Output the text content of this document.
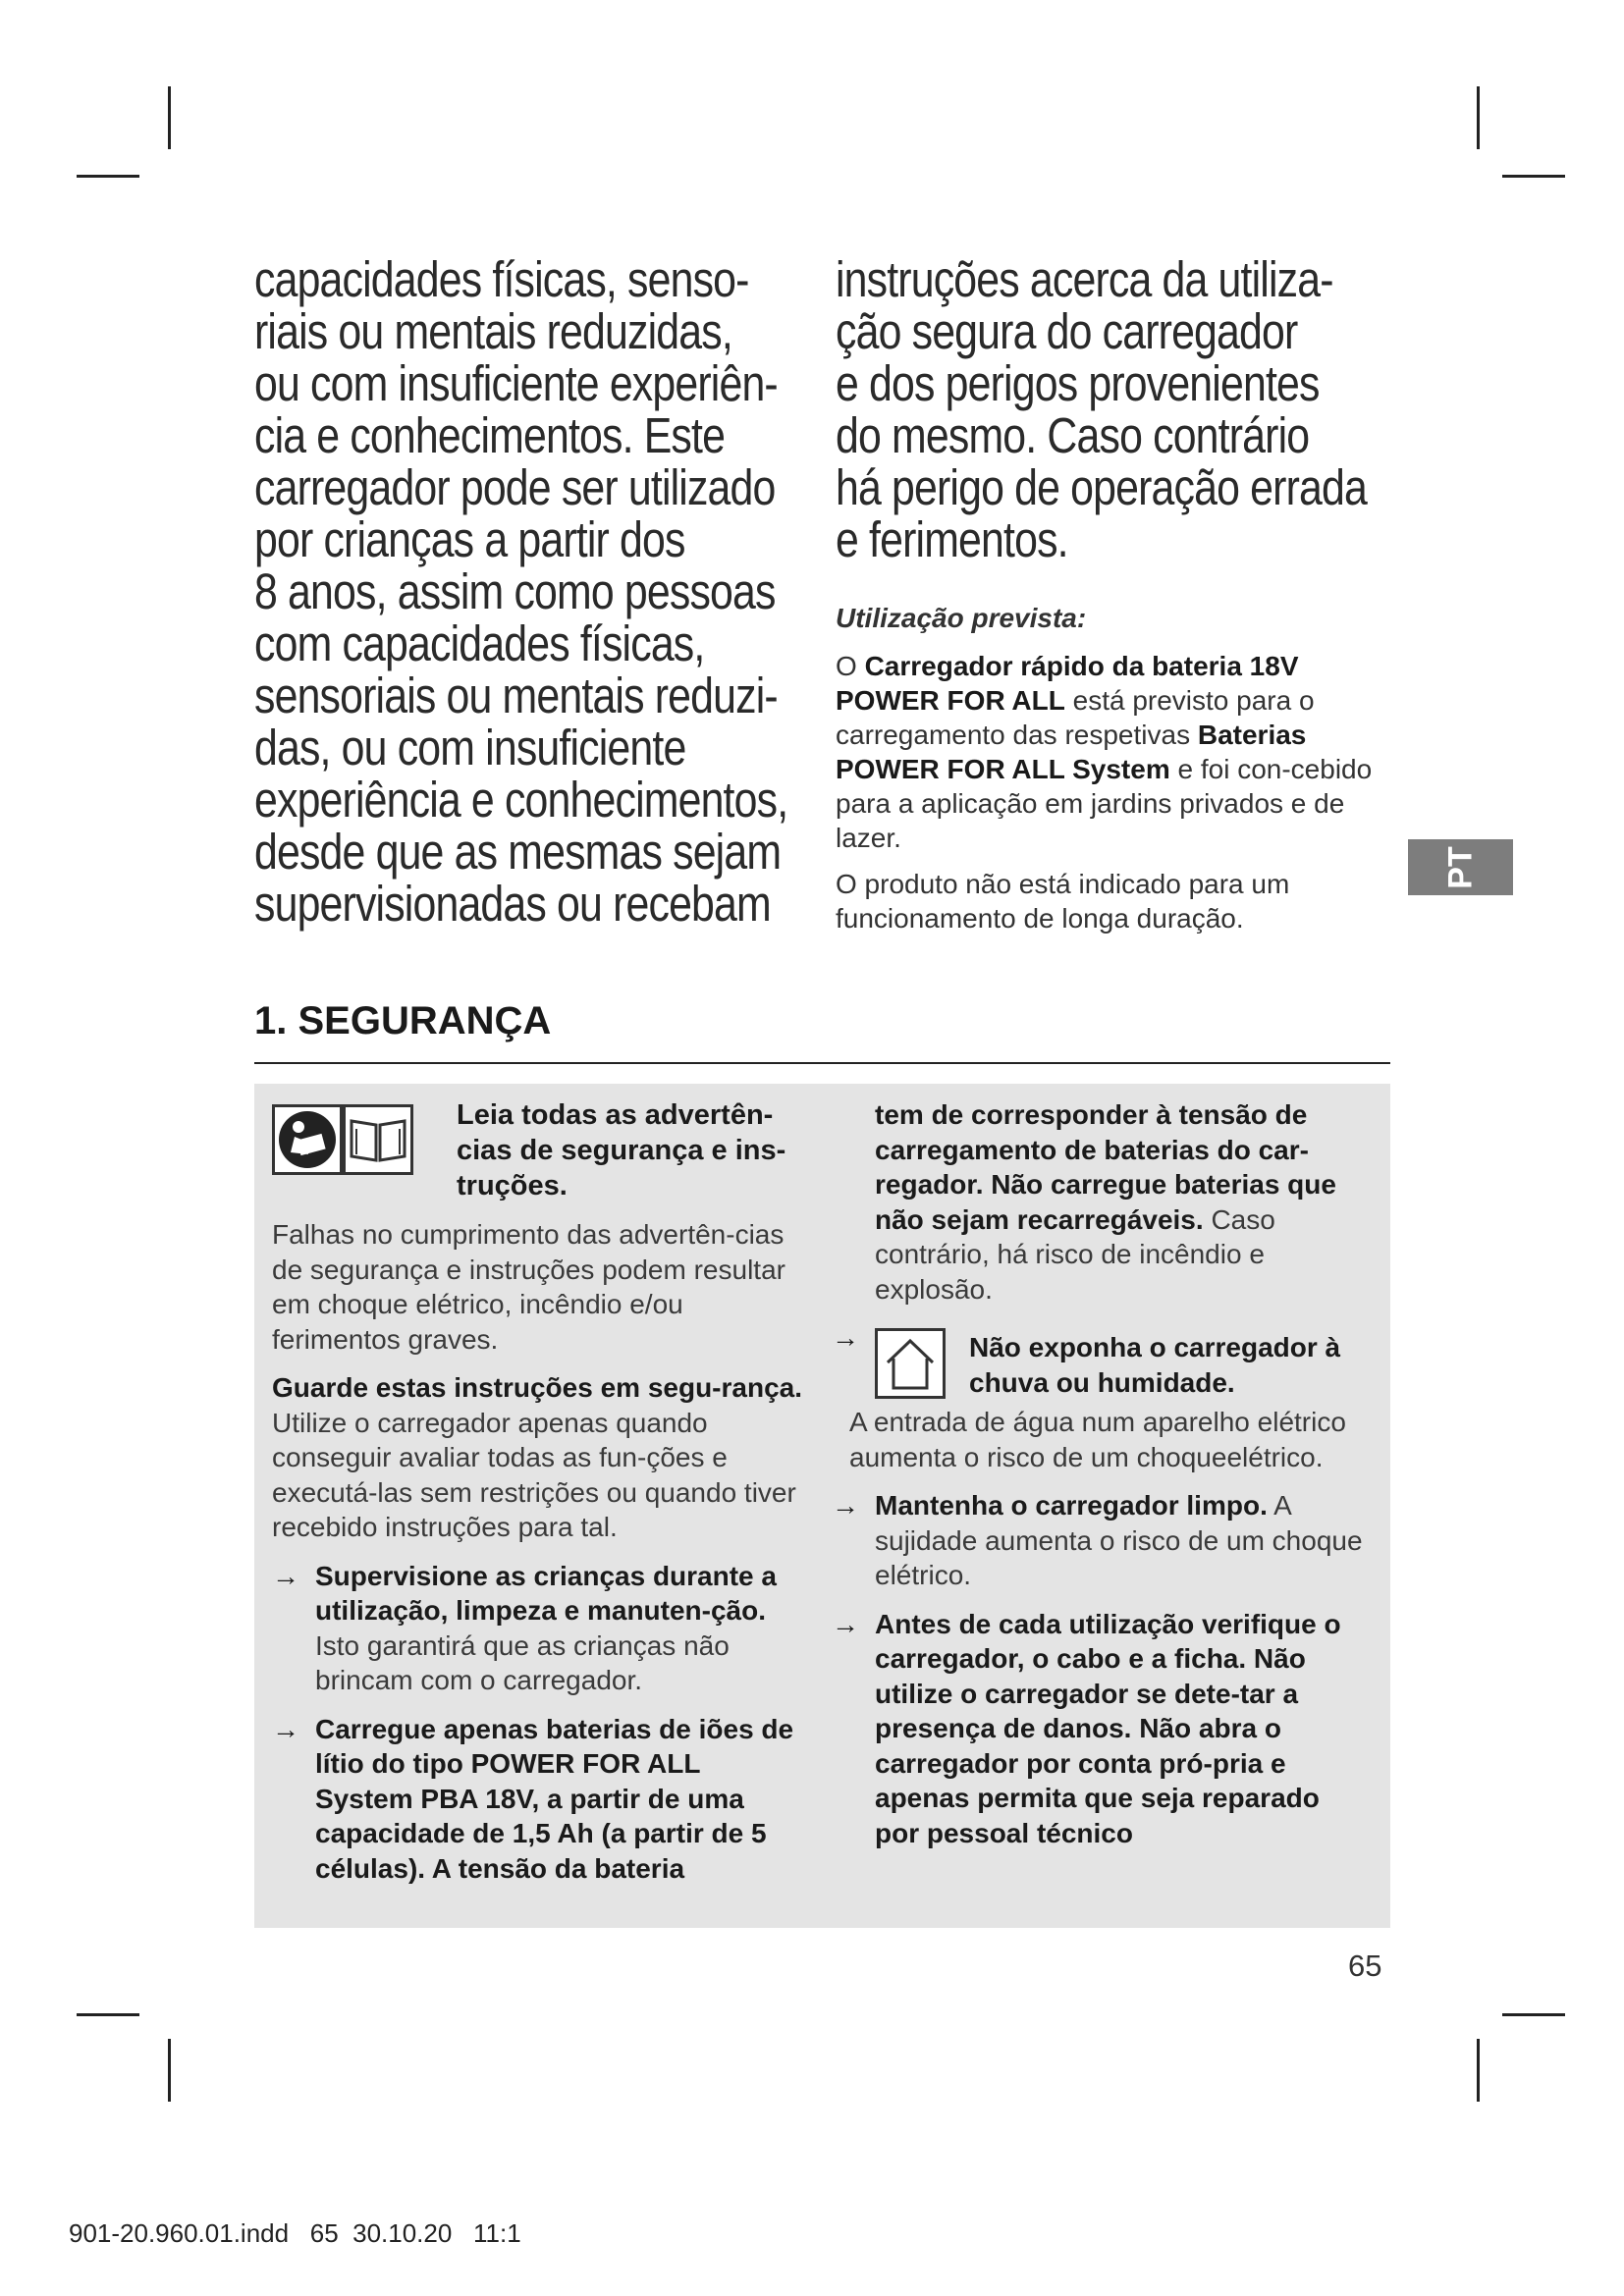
capacidades físicas, senso-
riais ou mentais reduzidas,
ou com insuficiente experiên-
cia e conhecimentos. Este
carregador pode ser utilizado
por crianças a partir dos
8 anos, assim como pessoas
com capacidades físicas,
sensoriais ou mentais reduzi-
das, ou com insuficiente
experiência e conhecimentos,
desde que as mesmas sejam
supervisionadas ou recebam
instruções acerca da utiliza-
ção segura do carregador
e dos perigos provenientes
do mesmo. Caso contrário
há perigo de operação errada
e ferimentos.

Utilização prevista:

O Carregador rápido da bateria 18V POWER FOR ALL está previsto para o carregamento das respetivas Baterias POWER FOR ALL System e foi con-cebido para a aplicação em jardins privados e de lazer.

O produto não está indicado para um funcionamento de longa duração.

PT
1. SEGURANÇA

Leia todas as advertên-cias de segurança e ins-truções.

Falhas no cumprimento das advertên-cias de segurança e instruções podem resultar em choque elétrico, incêndio e/ou ferimentos graves.

Guarde estas instruções em segu-rança. Utilize o carregador apenas quando conseguir avaliar todas as fun-ções e executá-las sem restrições ou quando tiver recebido instruções para tal.

→ Supervisione as crianças durante a utilização, limpeza e manuten-ção. Isto garantirá que as crianças não brincam com o carregador.

→ Carregue apenas baterias de iões de lítio do tipo POWER FOR ALL System PBA 18V, a partir de uma capacidade de 1,5 Ah (a partir de 5 células). A tensão da bateria

tem de corresponder à tensão de carregamento de baterias do car-regador. Não carregue baterias que não sejam recarregáveis. Caso contrário, há risco de incêndio e explosão.

→	Não exponha o carregador à chuva ou humidade.

A entrada de água num aparelho elétrico aumenta o risco de um choqueelétrico.

→ Mantenha o carregador limpo. A sujidade aumenta o risco de um choque elétrico.

→ Antes de cada utilização verifique o carregador, o cabo e a ficha. Não utilize o carregador se dete-tar a presença de danos. Não abra o carregador por conta pró-pria e apenas permita que seja reparado por pessoal técnico

65
901-20.960.01.indd   65  30.10.20   11:1
